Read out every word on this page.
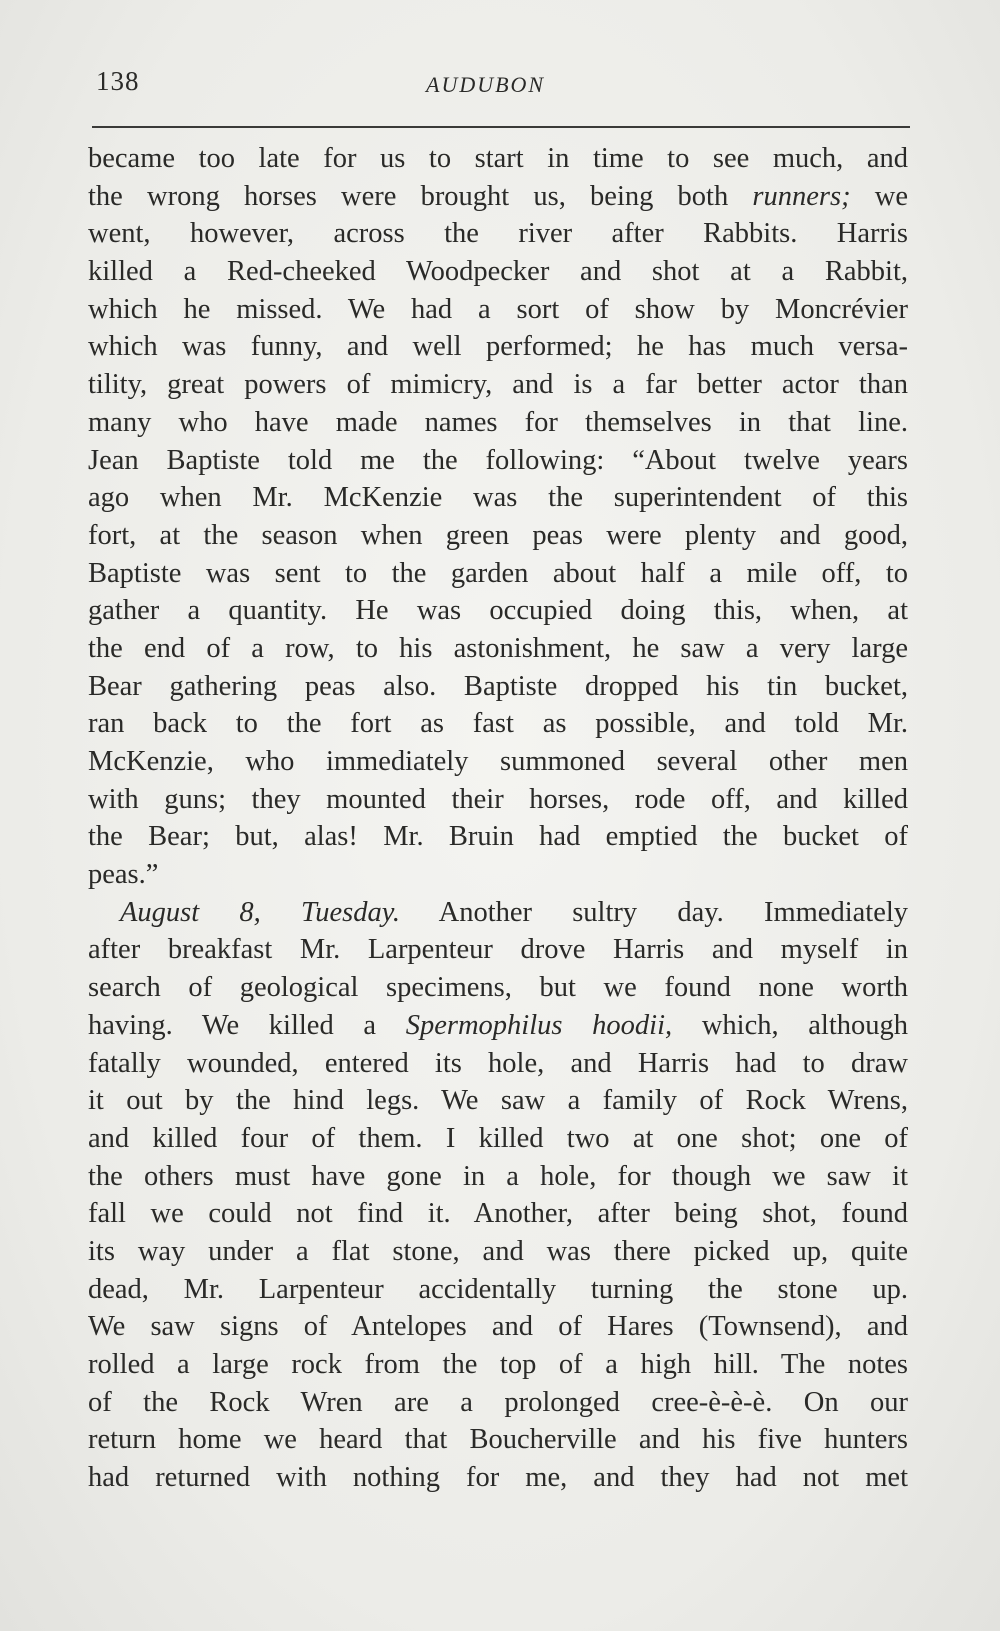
138	AUDUBON
became too late for us to start in time to see much, and
the wrong horses were brought us, being both runners; we
went, however, across the river after Rabbits. Harris
killed a Red-cheeked Woodpecker and shot at a Rabbit,
which he missed. We had a sort of show by Moncrévier
which was funny, and well performed; he has much versa-
tility, great powers of mimicry, and is a far better actor than
many who have made names for themselves in that line.
Jean Baptiste told me the following: “About twelve years
ago when Mr. McKenzie was the superintendent of this
fort, at the season when green peas were plenty and good,
Baptiste was sent to the garden about half a mile off, to
gather a quantity. He was occupied doing this, when, at
the end of a row, to his astonishment, he saw a very large
Bear gathering peas also. Baptiste dropped his tin bucket,
ran back to the fort as fast as possible, and told Mr.
McKenzie, who immediately summoned several other men
with guns; they mounted their horses, rode off, and killed
the Bear; but, alas! Mr. Bruin had emptied the bucket of
peas.”
August 8, Tuesday. Another sultry day. Immediately
after breakfast Mr. Larpenteur drove Harris and myself in
search of geological specimens, but we found none worth
having. We killed a Spermophilus hoodii, which, although
fatally wounded, entered its hole, and Harris had to draw
it out by the hind legs. We saw a family of Rock Wrens,
and killed four of them. I killed two at one shot; one of
the others must have gone in a hole, for though we saw it
fall we could not find it. Another, after being shot, found
its way under a flat stone, and was there picked up, quite
dead, Mr. Larpenteur accidentally turning the stone up.
We saw signs of Antelopes and of Hares (Townsend), and
rolled a large rock from the top of a high hill. The notes
of the Rock Wren are a prolonged cree-è-è-è. On our
return home we heard that Boucherville and his five hunters
had returned with nothing for me, and they had not met
